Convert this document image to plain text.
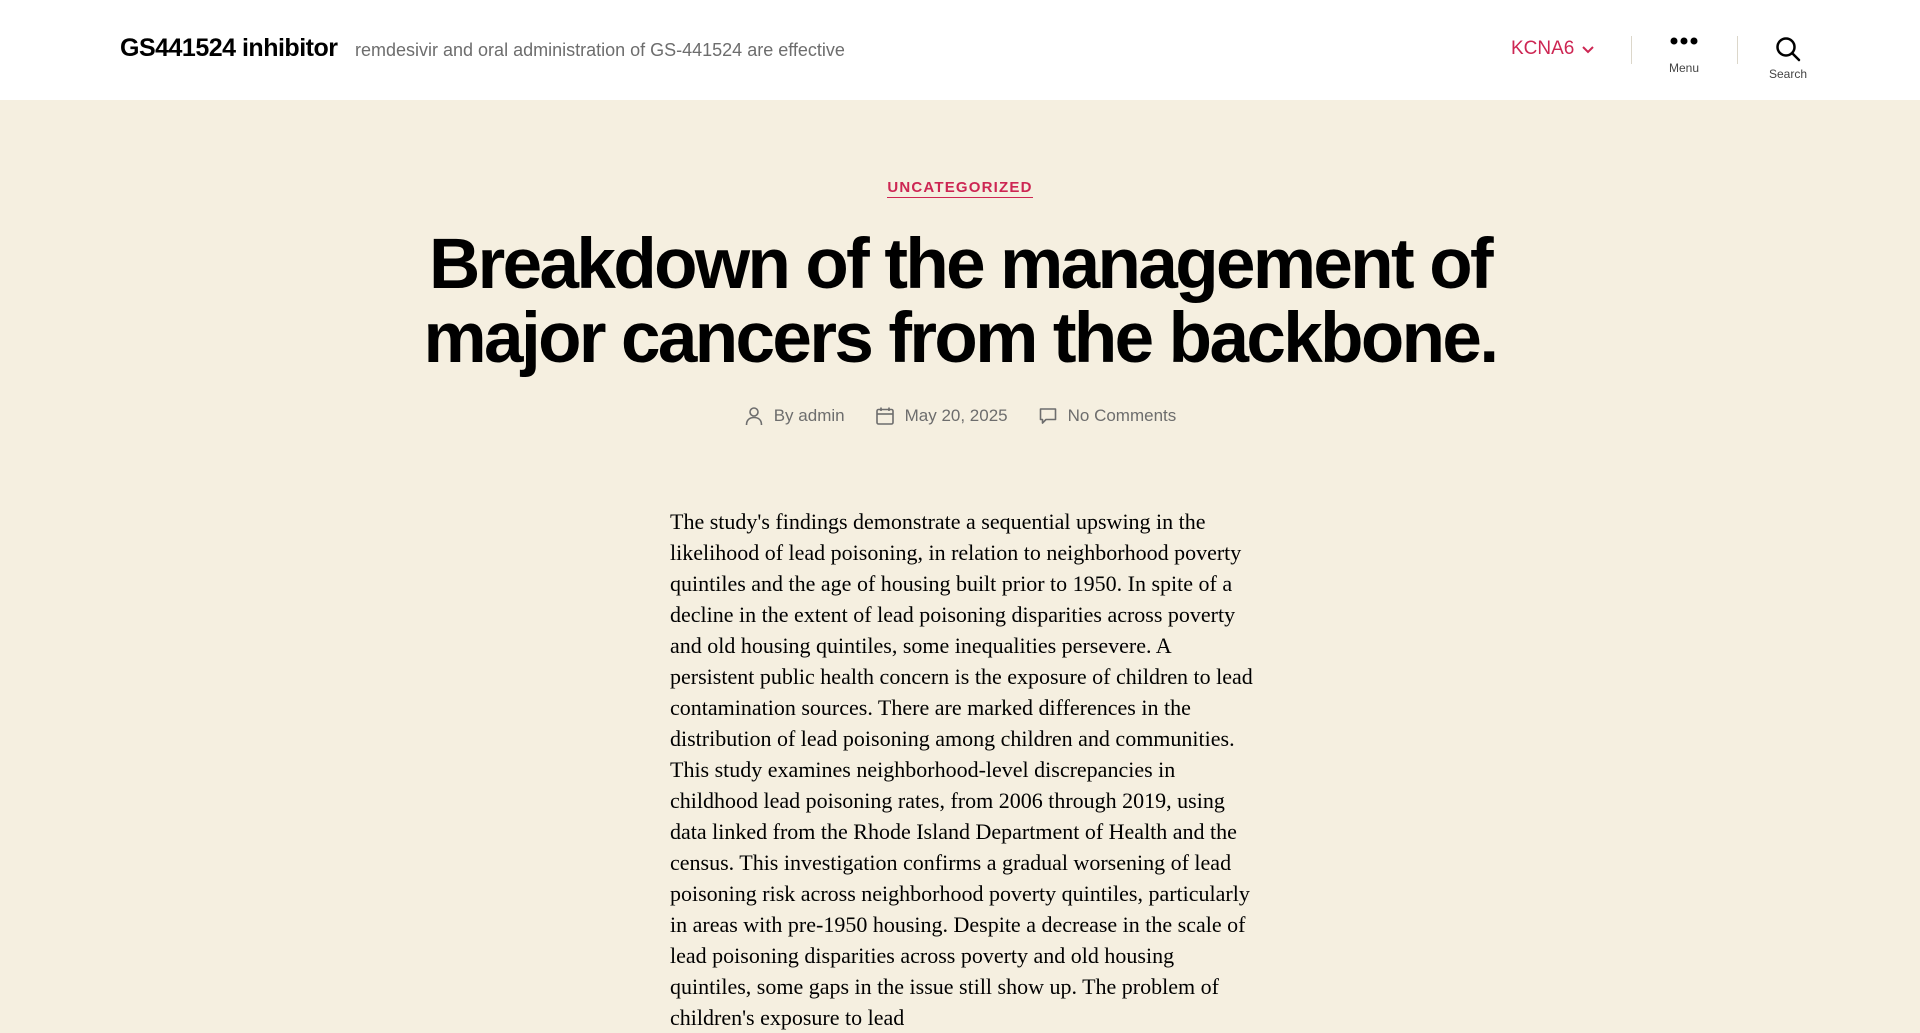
GS441524 inhibitor remdesivir and oral administration of GS-441524 are effective	KCNA6
Menu	Search
UNCATEGORIZED
Breakdown of the management of major cancers from the backbone.
By admin	May 20, 2025	No Comments

The study's findings demonstrate a sequential upswing in the likelihood of lead poisoning, in relation to neighborhood poverty quintiles and the age of housing built prior to 1950. In spite of a decline in the extent of lead poisoning disparities across poverty and old housing quintiles, some inequalities persevere. A persistent public health concern is the exposure of children to lead contamination sources. There are marked differences in the distribution of lead poisoning among children and communities. This study examines neighborhood-level discrepancies in childhood lead poisoning rates, from 2006 through 2019, using data linked from the Rhode Island Department of Health and the census. This investigation confirms a gradual worsening of lead poisoning risk across neighborhood poverty quintiles, particularly in areas with pre-1950 housing. Despite a decrease in the scale of lead poisoning disparities across poverty and old housing quintiles, some gaps in the issue still show up. The problem of children's exposure to lead
